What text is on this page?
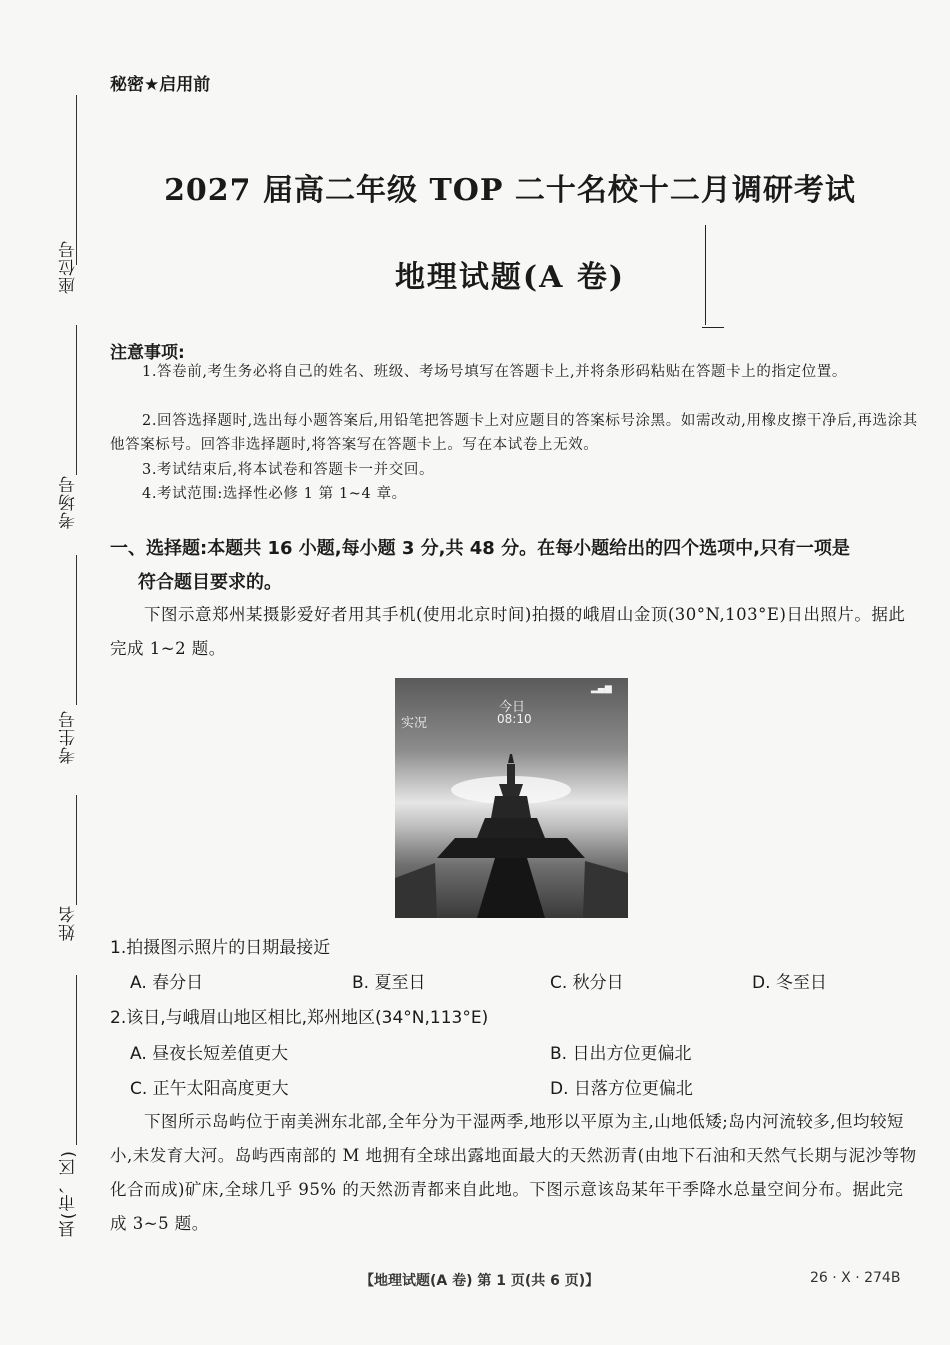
座位号
考场号
考生号
姓名
县(市、区)
秘密★启用前
2027 届高二年级 TOP 二十名校十二月调研考试
地理试题(A 卷)
注意事项:
1.答卷前,考生务必将自己的姓名、班级、考场号填写在答题卡上,并将条形码粘贴在答题卡上的指定位置。
2.回答选择题时,选出每小题答案后,用铅笔把答题卡上对应题目的答案标号涂黑。如需改动,用橡皮擦干净后,再选涂其他答案标号。回答非选择题时,将答案写在答题卡上。写在本试卷上无效。
3.考试结束后,将本试卷和答题卡一并交回。
4.考试范围:选择性必修 1 第 1~4 章。
一、选择题:本题共 16 小题,每小题 3 分,共 48 分。在每小题给出的四个选项中,只有一项是
符合题目要求的。
下图示意郑州某摄影爱好者用其手机(使用北京时间)拍摄的峨眉山金顶(30°N,103°E)日出照片。据此完成 1~2 题。
实况
今日
08:10
▂▄▆
1.拍摄图示照片的日期最接近
A. 春分日	B. 夏至日	C. 秋分日	D. 冬至日
2.该日,与峨眉山地区相比,郑州地区(34°N,113°E)
A. 昼夜长短差值更大	B. 日出方位更偏北
C. 正午太阳高度更大	D. 日落方位更偏北
下图所示岛屿位于南美洲东北部,全年分为干湿两季,地形以平原为主,山地低矮;岛内河流较多,但均较短小,未发育大河。岛屿西南部的 M 地拥有全球出露地面最大的天然沥青(由地下石油和天然气长期与泥沙等物化合而成)矿床,全球几乎 95% 的天然沥青都来自此地。下图示意该岛某年干季降水总量空间分布。据此完成 3~5 题。
【地理试题(A 卷) 第 1 页(共 6 页)】	26 · X · 274B
